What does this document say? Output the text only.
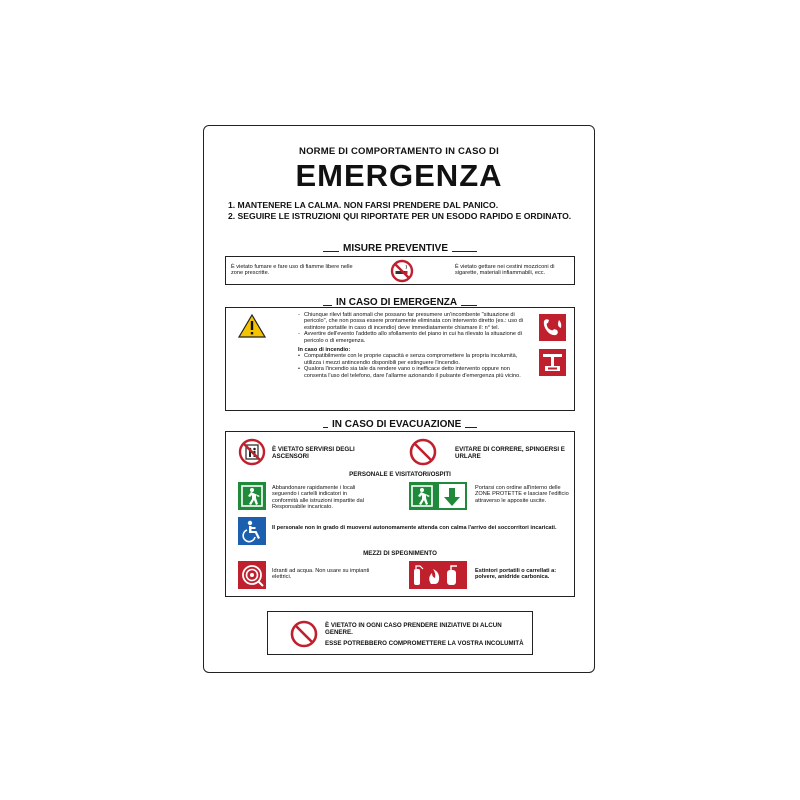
NORME DI COMPORTAMENTO IN CASO DI
EMERGENZA
1. MANTENERE LA CALMA. NON FARSI PRENDERE DAL PANICO.
2. SEGUIRE LE ISTRUZIONI QUI RIPORTATE PER UN ESODO RAPIDO E ORDINATO.
MISURE PREVENTIVE
È vietato fumare e fare uso di fiamme libere nelle zone prescritte.
È vietato gettare nei cestini mozziconi di sigarette, materiali infiammabili, ecc.
IN CASO DI EMERGENZA
- Chiunque rilevi fatti anomali che possano far presumere un'incombente "situazione di pericolo", che non possa essere prontamente eliminata con intervento diretto (es.: uso di estintore portatile in caso di incendio) deve immediatamente chiamare il: n° tel.
- Avvertire dell'evento l'addetto allo sfollamento del piano in cui ha rilevato la situazione di pericolo o di emergenza.
In caso di incendio:
• Compatibilmente con le proprie capacità e senza compromettere la propria incolumità, utilizza i mezzi antincendio disponibili per estinguere l'incendio.
• Qualora l'incendio sia tale da rendere vano o inefficace detto intervento oppure non consenta l'uso del telefono, dare l'allarme azionando il pulsante d'emergenza più vicino.
IN CASO DI EVACUAZIONE
È VIETATO SERVIRSI DEGLI ASCENSORI
EVITARE DI CORRERE, SPINGERSI E URLARE
PERSONALE E VISITATORI/OSPITI
Abbandonare rapidamente i locali seguendo i cartelli indicatori in conformità alle istruzioni impartite dal Responsabile incaricato.
Portarsi con ordine all'interno delle ZONE PROTETTE e lasciare l'edificio attraverso le apposite uscite.
Il personale non in grado di muoversi autonomamente attenda con calma l'arrivo dei soccorritori incaricati.
MEZZI DI SPEGNIMENTO
Idranti ad acqua. Non usare su impianti elettrici.
Estintori portatili o carrellati a: polvere, anidride carbonica.
È VIETATO IN OGNI CASO PRENDERE INIZIATIVE DI ALCUN GENERE.
ESSE POTREBBERO COMPROMETTERE LA VOSTRA INCOLUMITÀ
